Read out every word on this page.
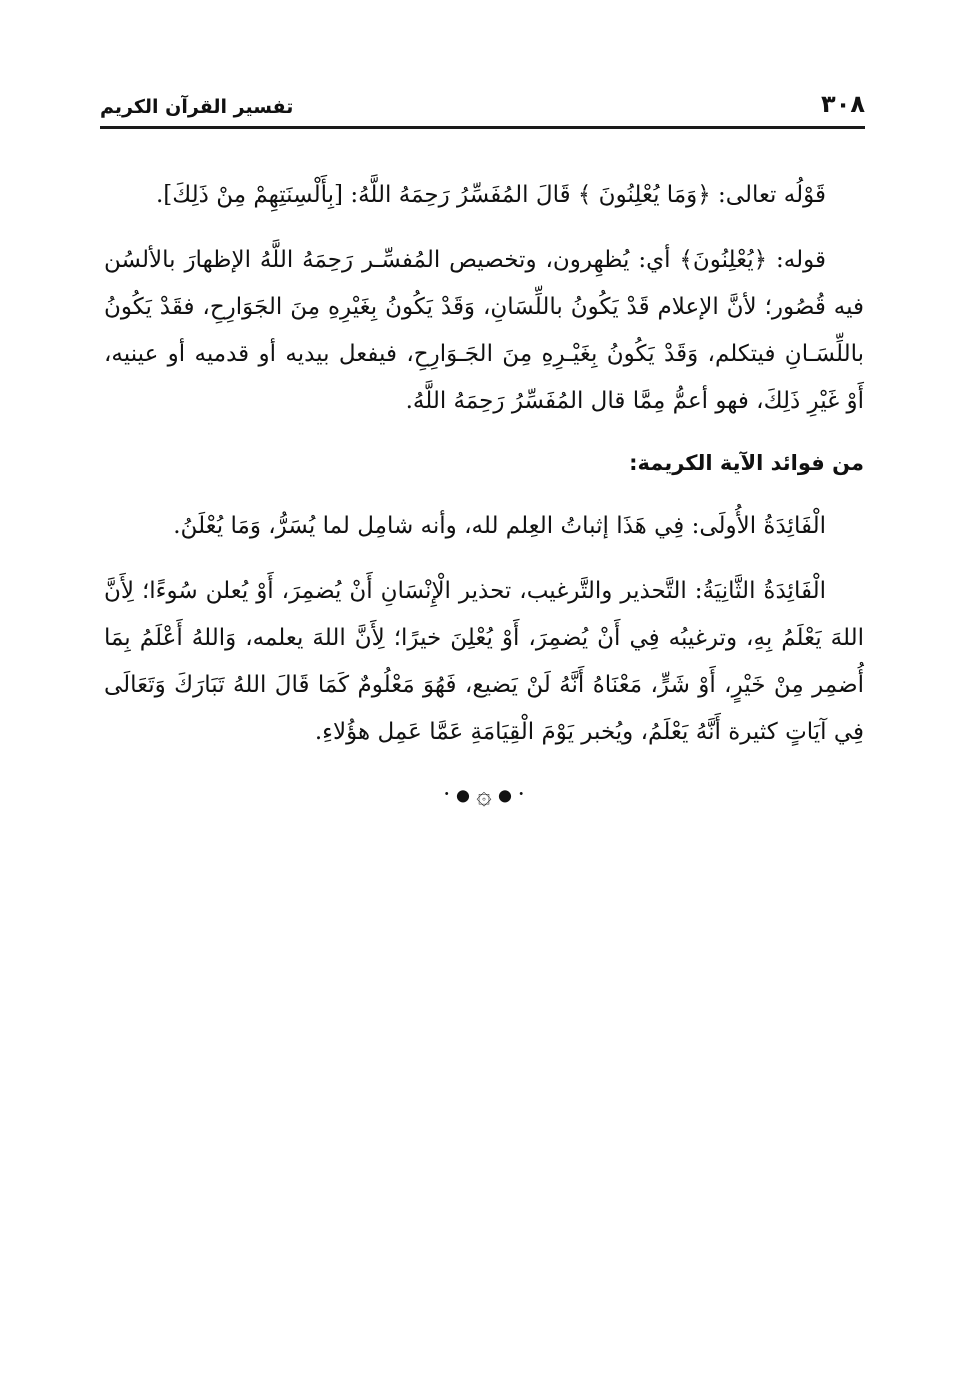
٣٠٨
تفسير القرآن الكريم

قَوْلُه تعالى: ﴿وَمَا يُعْلِنُونَ ﴾ قَالَ المُفَسِّرُ رَحِمَهُ اللَّهُ: [بِأَلْسِنَتِهِمْ مِنْ ذَلِكَ].

قوله: ﴿يُعْلِنُونَ﴾ أي: يُظهِرون، وتخصيص المُفسِّـر رَحِمَهُ اللَّهُ الإظهارَ بالألسُن فيه قُصُور؛ لأنَّ الإعلام قَدْ يَكُونُ باللِّسَانِ، وَقَدْ يَكُونُ بِغَيْرِهِ مِنَ الجَوَارِحِ، فقَدْ يَكُونُ باللِّسَـانِ فيتكلم، وَقَدْ يَكُونُ بِغَيْـرِهِ مِنَ الجَـوَارِحِ، فيفعل بيديه أو قدميه أو عينيه، أَوْ غَيْرِ ذَلِكَ، فهو أعمُّ مِمَّا قال المُفَسِّرُ رَحِمَهُ اللَّهُ.

من فوائد الآية الكريمة:

الْفَائِدَةُ الأُولَى: فِي هَذَا إثباتُ العِلم لله، وأنه شامِل لما يُسَرُّ، وَمَا يُعْلَنُ.

الْفَائِدَةُ الثَّانِيَةُ: التَّحذير والتَّرغيب، تحذير الْإِنْسَانِ أَنْ يُضمِرَ، أَوْ يُعلن سُوءًا؛ لِأَنَّ اللهَ يَعْلَمُ بِهِ، وترغيبُه فِي أَنْ يُضمِرَ، أَوْ يُعْلِنَ خيرًا؛ لِأَنَّ اللهَ يعلمه، وَاللهُ أَعْلَمُ بِمَا أُضمِر مِنْ خَيْرٍ، أَوْ شَرٍّ، مَعْنَاهُ أَنَّهُ لَنْ يَضيع، فَهُوَ مَعْلُومٌ كَمَا قَالَ اللهُ تَبَارَكَ وَتَعَالَى فِي آيَاتٍ كثيرة أَنَّهُ يَعْلَمُ، ويُخبر يَوْمَ الْقِيَامَةِ عَمَّا عَمِل هؤُلاءِ.

• ● ۞ ● •
